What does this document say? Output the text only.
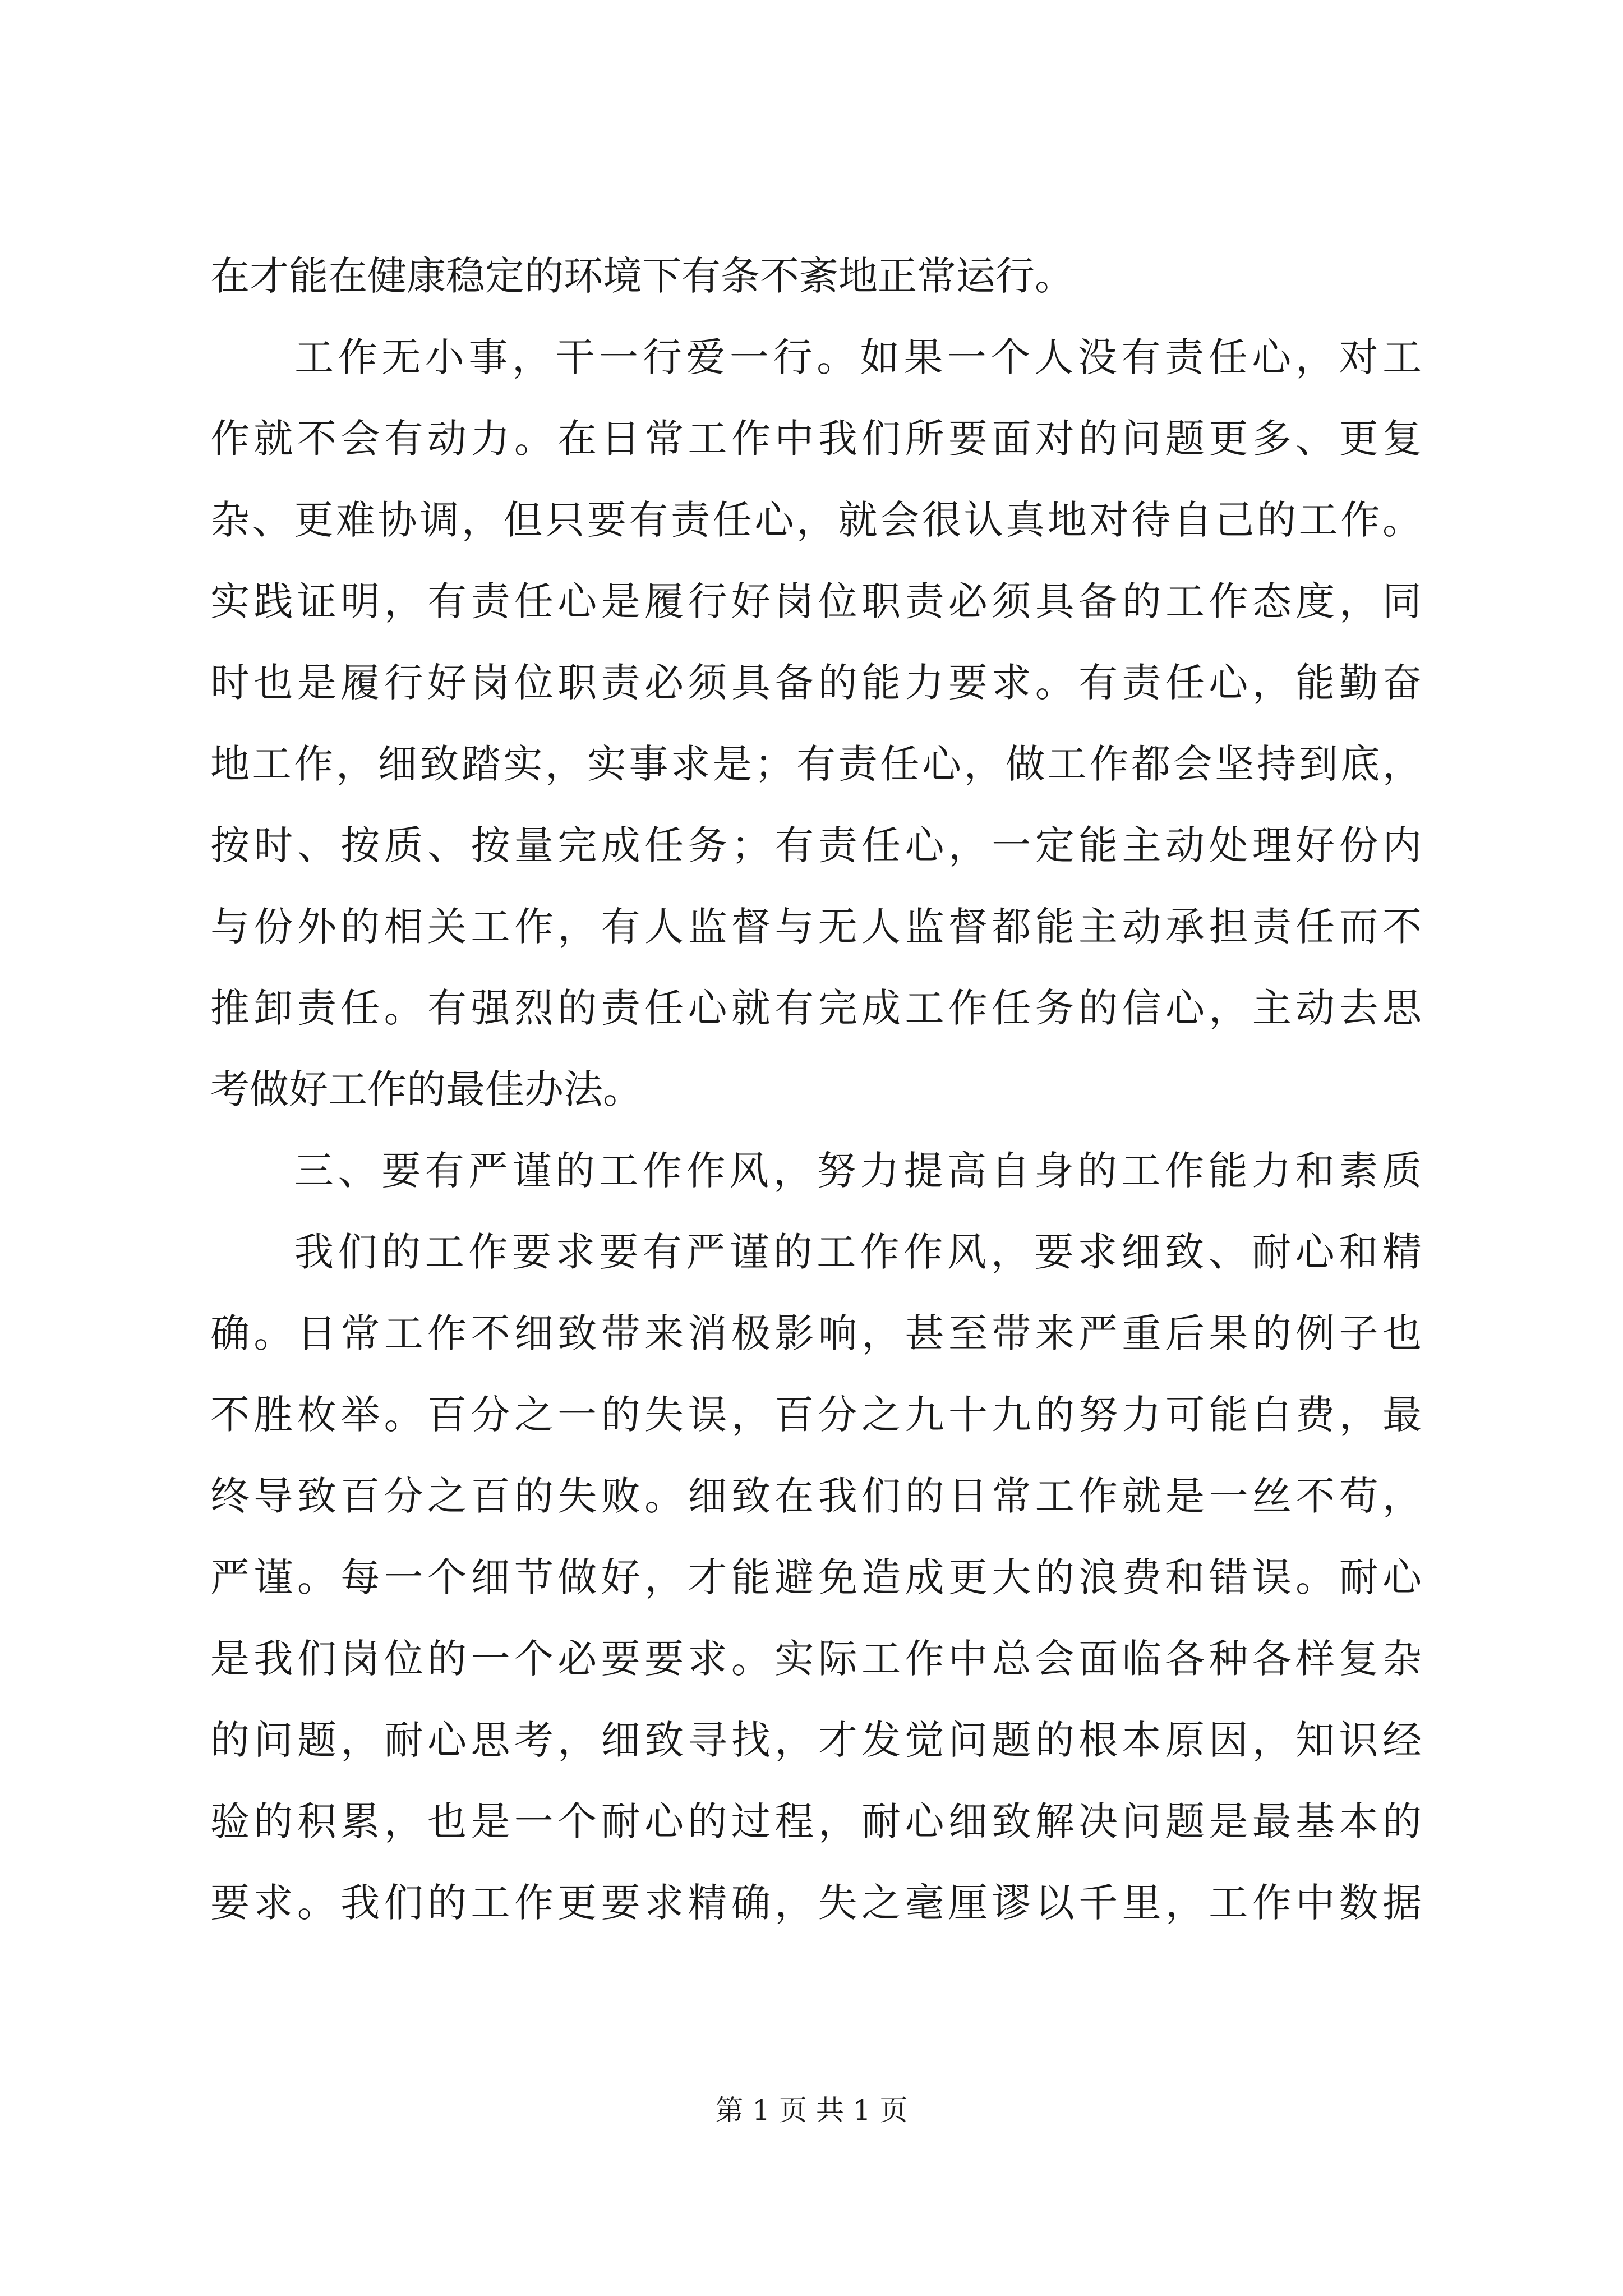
在才能在健康稳定的环境下有条不紊地正常运行。
工作无小事，干一行爱一行。如果一个人没有责任心，对工
作就不会有动力。在日常工作中我们所要面对的问题更多、更复
杂、更难协调，但只要有责任心，就会很认真地对待自己的工作。
实践证明，有责任心是履行好岗位职责必须具备的工作态度，同
时也是履行好岗位职责必须具备的能力要求。有责任心，能勤奋
地工作，细致踏实，实事求是；有责任心，做工作都会坚持到底，
按时、按质、按量完成任务；有责任心，一定能主动处理好份内
与份外的相关工作，有人监督与无人监督都能主动承担责任而不
推卸责任。有强烈的责任心就有完成工作任务的信心，主动去思
考做好工作的最佳办法。
三、要有严谨的工作作风，努力提高自身的工作能力和素质
我们的工作要求要有严谨的工作作风，要求细致、耐心和精
确。日常工作不细致带来消极影响，甚至带来严重后果的例子也
不胜枚举。百分之一的失误，百分之九十九的努力可能白费，最
终导致百分之百的失败。细致在我们的日常工作就是一丝不苟，
严谨。每一个细节做好，才能避免造成更大的浪费和错误。耐心
是我们岗位的一个必要要求。实际工作中总会面临各种各样复杂
的问题，耐心思考，细致寻找，才发觉问题的根本原因，知识经
验的积累，也是一个耐心的过程，耐心细致解决问题是最基本的
要求。我们的工作更要求精确，失之毫厘谬以千里，工作中数据
第 1 页 共 1 页
